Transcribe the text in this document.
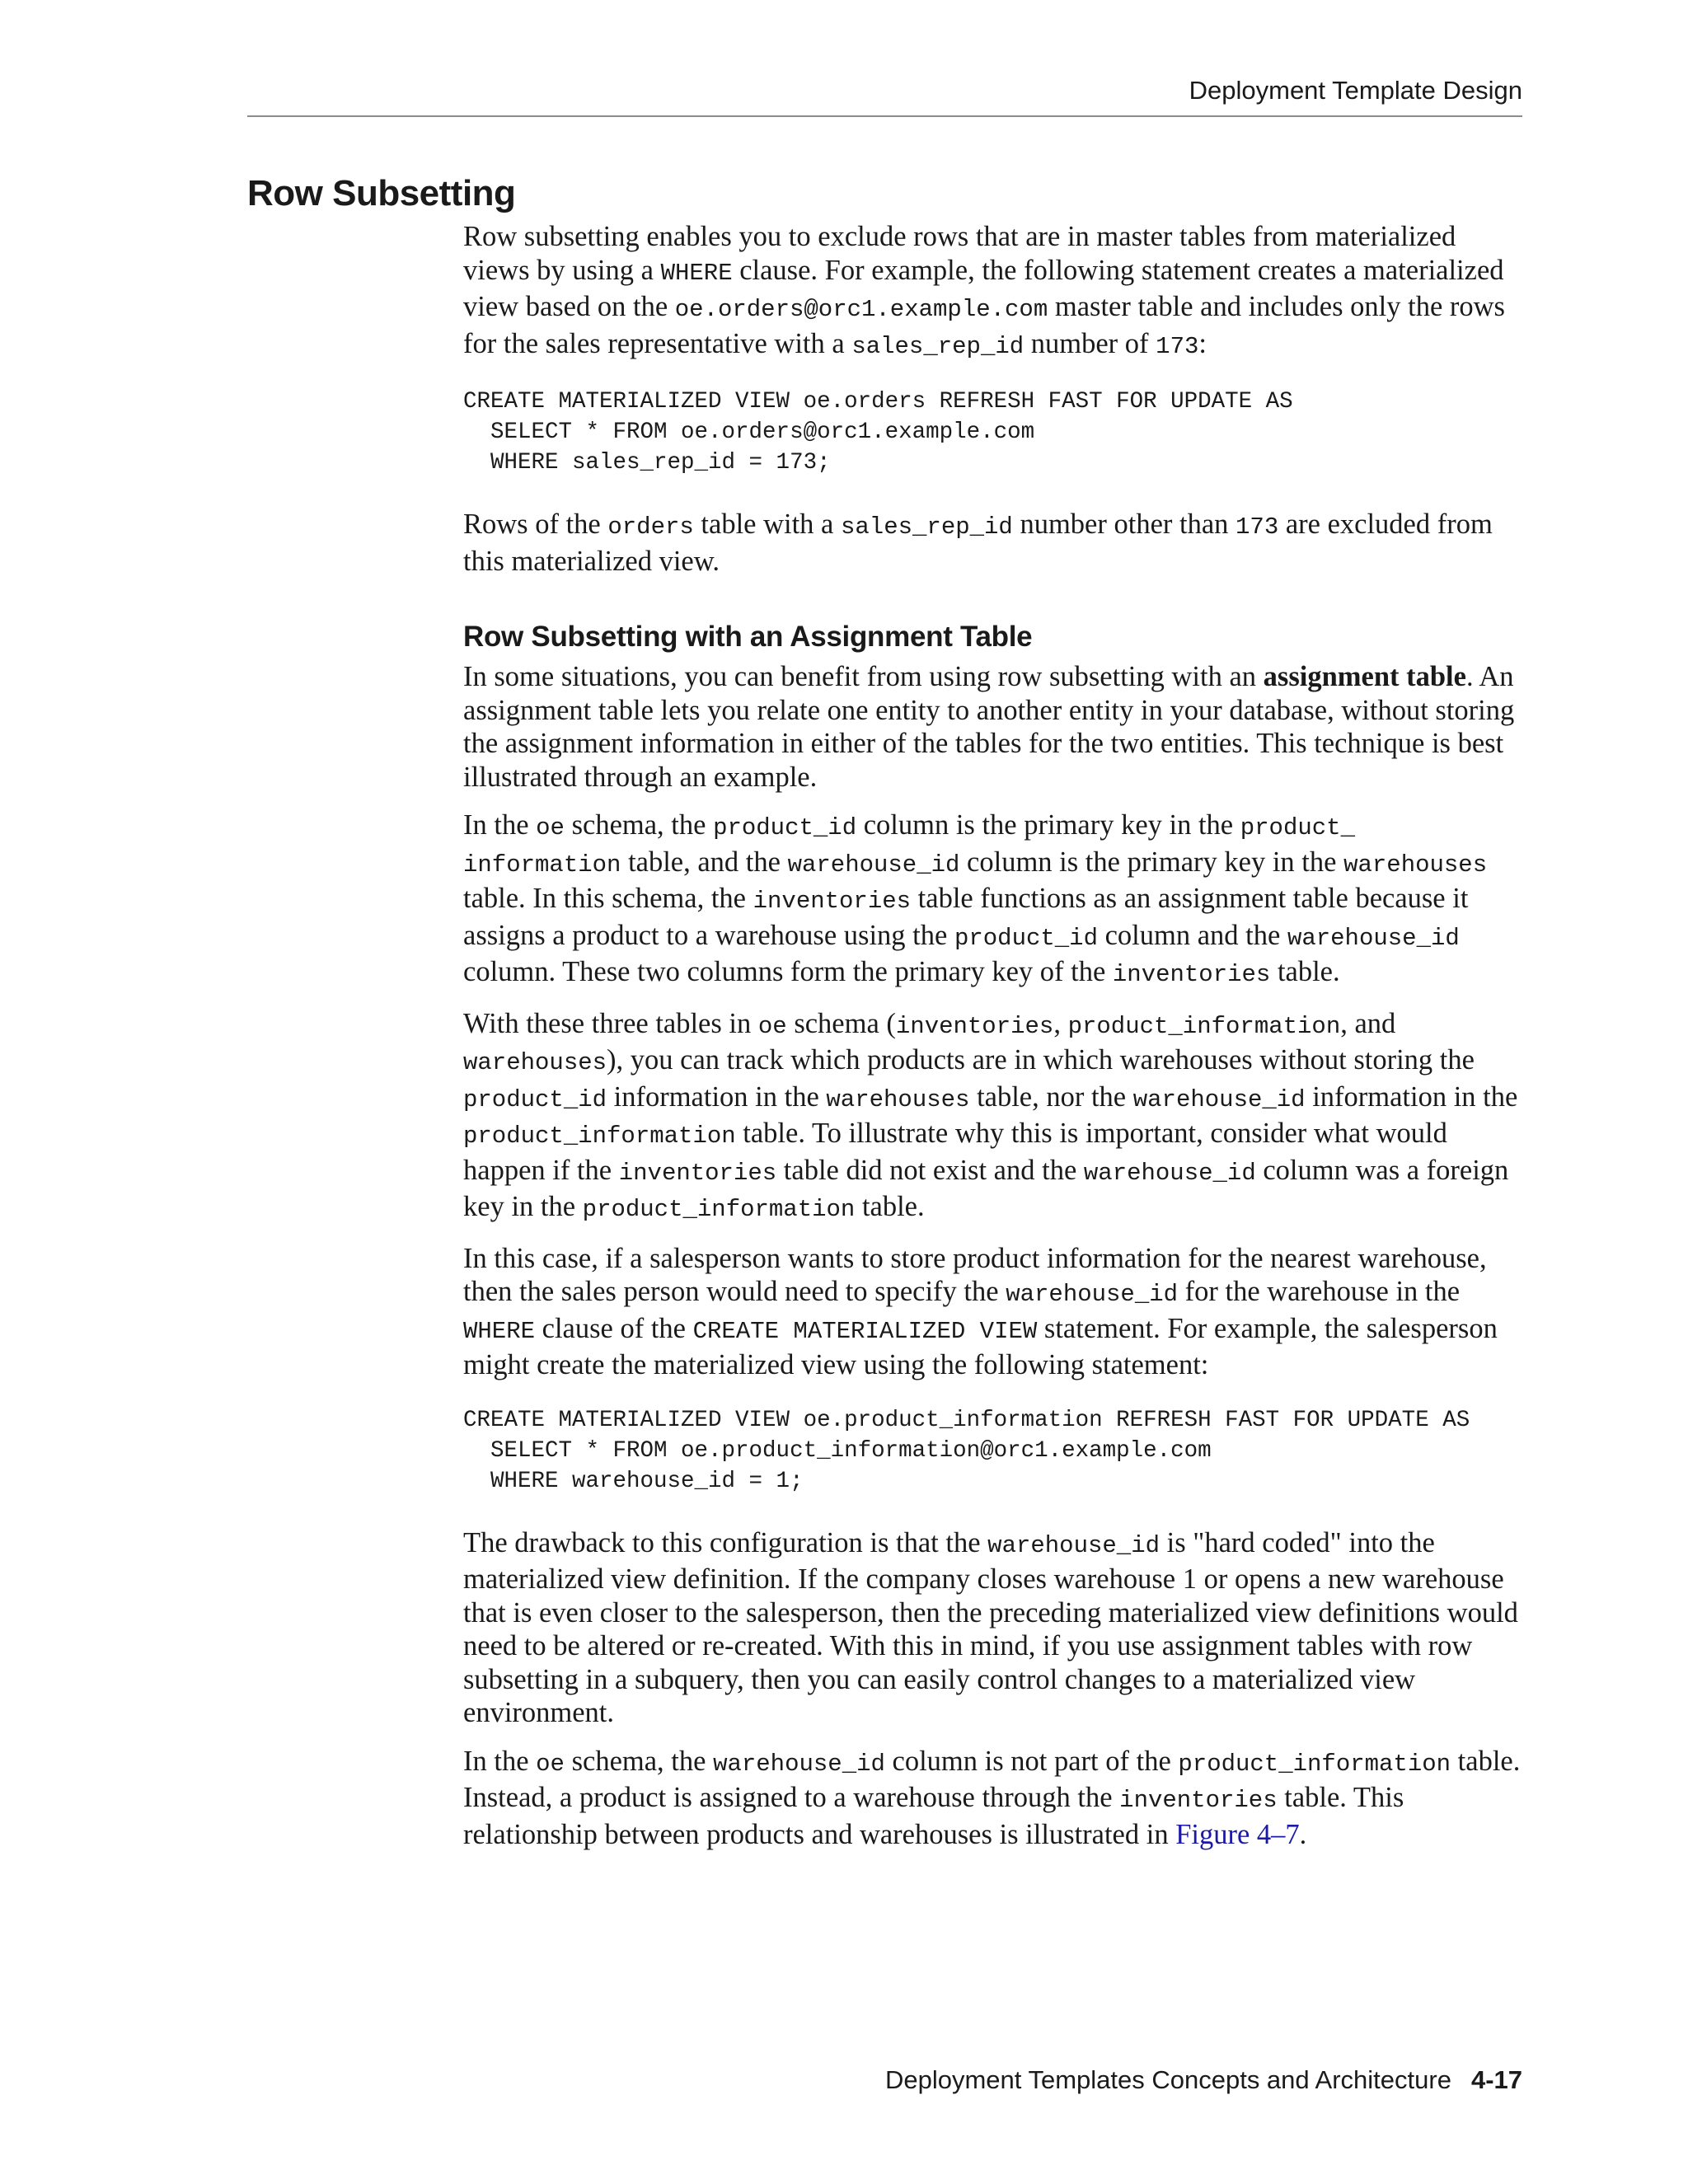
Deployment Template Design
Row Subsetting

Row subsetting enables you to exclude rows that are in master tables from materialized views by using a WHERE clause. For example, the following statement creates a materialized view based on the oe.orders@orc1.example.com master table and includes only the rows for the sales representative with a sales_rep_id number of 173:

CREATE MATERIALIZED VIEW oe.orders REFRESH FAST FOR UPDATE AS
SELECT * FROM oe.orders@orc1.example.com
WHERE sales_rep_id = 173;

Rows of the orders table with a sales_rep_id number other than 173 are excluded from this materialized view.

Row Subsetting with an Assignment Table

In some situations, you can benefit from using row subsetting with an assignment table. An assignment table lets you relate one entity to another entity in your database, without storing the assignment information in either of the tables for the two entities. This technique is best illustrated through an example.

In the oe schema, the product_id column is the primary key in the product_ information table, and the warehouse_id column is the primary key in the warehouses table. In this schema, the inventories table functions as an assignment table because it assigns a product to a warehouse using the product_id column and the warehouse_id column. These two columns form the primary key of the inventories table.

With these three tables in oe schema (inventories, product_information, and warehouses), you can track which products are in which warehouses without storing the product_id information in the warehouses table, nor the warehouse_id information in the product_information table. To illustrate why this is important, consider what would happen if the inventories table did not exist and the warehouse_id column was a foreign key in the product_information table.

In this case, if a salesperson wants to store product information for the nearest warehouse, then the sales person would need to specify the warehouse_id for the warehouse in the WHERE clause of the CREATE MATERIALIZED VIEW statement. For example, the salesperson might create the materialized view using the following statement:

CREATE MATERIALIZED VIEW oe.product_information REFRESH FAST FOR UPDATE AS
SELECT * FROM oe.product_information@orc1.example.com
WHERE warehouse_id = 1;

The drawback to this configuration is that the warehouse_id is "hard coded" into the materialized view definition. If the company closes warehouse 1 or opens a new warehouse that is even closer to the salesperson, then the preceding materialized view definitions would need to be altered or re-created. With this in mind, if you use assignment tables with row subsetting in a subquery, then you can easily control changes to a materialized view environment.

In the oe schema, the warehouse_id column is not part of the product_information table. Instead, a product is assigned to a warehouse through the inventories table. This relationship between products and warehouses is illustrated in Figure 4–7.

Deployment Templates Concepts and Architecture 4-17
